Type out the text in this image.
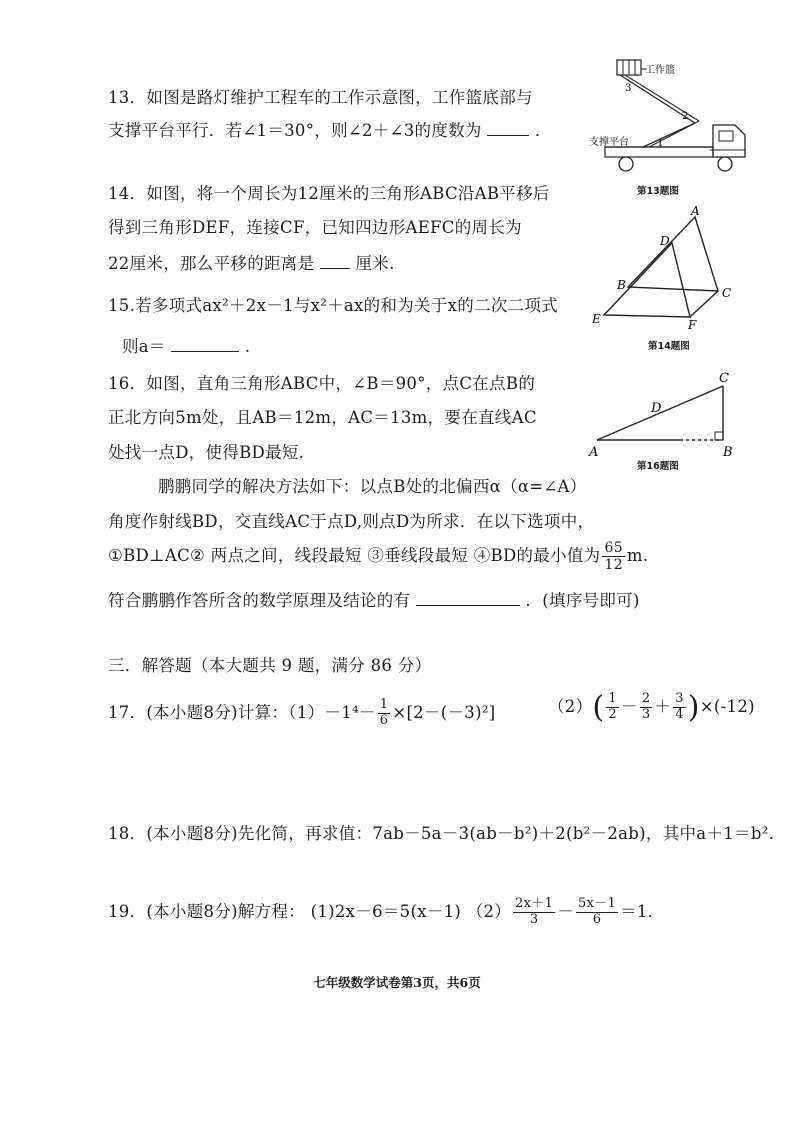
13．如图是路灯维护工程车的工作示意图，工作篮底部与
支撑平台平行．若∠1＝30°，则∠2＋∠3的度数为	．
14．如图，将一个周长为12厘米的三角形ABC沿AB平移后
得到三角形DEF，连接CF，已知四边形AEFC的周长为
22厘米，那么平移的距离是 厘米.
15.若多项式ax²＋2x－1与x²＋ax的和为关于x的二次二项式
则a＝	.
16．如图，直角三角形ABC中，∠B＝90°，点C在点B的
正北方向5m处，且AB＝12m，AC＝13m，要在直线AC
处找一点D，使得BD最短.
鹏鹏同学的解决方法如下：以点B处的北偏西α（α=∠A）
角度作射线BD，交直线AC于点D,则点D为所求．在以下选项中，
①BD⊥AC② 两点之间，线段最短 ③垂线段最短 ④BD的最小值为 $\frac{65}{12} m$.
符合鹏鹏作答所含的数学原理及结论的有	．(填序号即可)
三．解答题（本大题共 9 题，满分 86 分）
17．(本小题8分)计算：$(1)-1^4- \frac{1}{6} \times[2-(-3)^2]$	$(2)( \frac{1}{2} - \frac{2}{3} + \frac{3}{4} )\times(-12)$
18．(本小题8分)先化简，再求值：7ab－5a－3(ab－b²)＋2(b²－2ab)，其中a＋1＝b².
19．(本小题8分)解方程： (1)2x－6＝5(x－1) $(2) \frac{2x+1}{3} - \frac{5x-1}{6} =1$．
1
2
3
工作篮
支撑平台
第13题图
A
B
C
D
E	F
第14题图
A	B
C
D
第16题图
七年级数学试卷第3页，共6页
